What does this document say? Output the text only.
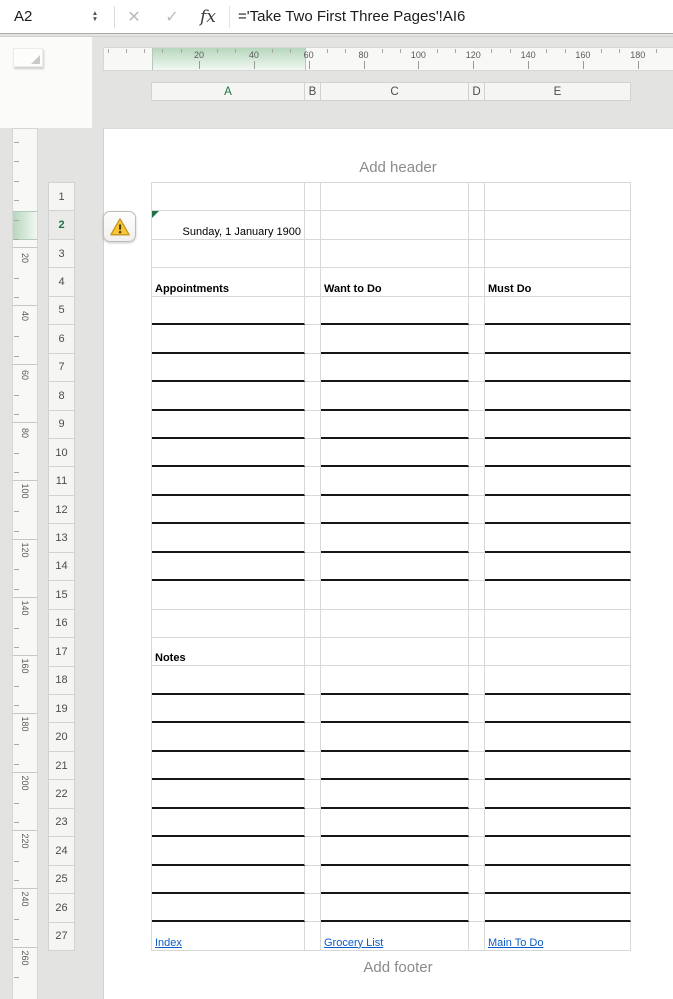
A2	▲
▼	✕	✓	fx	='Take Two First Three Pages'!AI6
Add header
Add footer
20	40	60	80	100	120	140	160	180
20
40
60
80
100
120
140
160
180
200
220
240
260
A	B	C	D	E
1
2
3
4
5
6
7
8
9
10
11
12
13
14
15
16
17
18
19
20
21
22
23
24
25
26
27
Sunday, 1 January 1900
Appointments	Want to Do	Must Do
Notes
Index	Grocery List	Main To Do
